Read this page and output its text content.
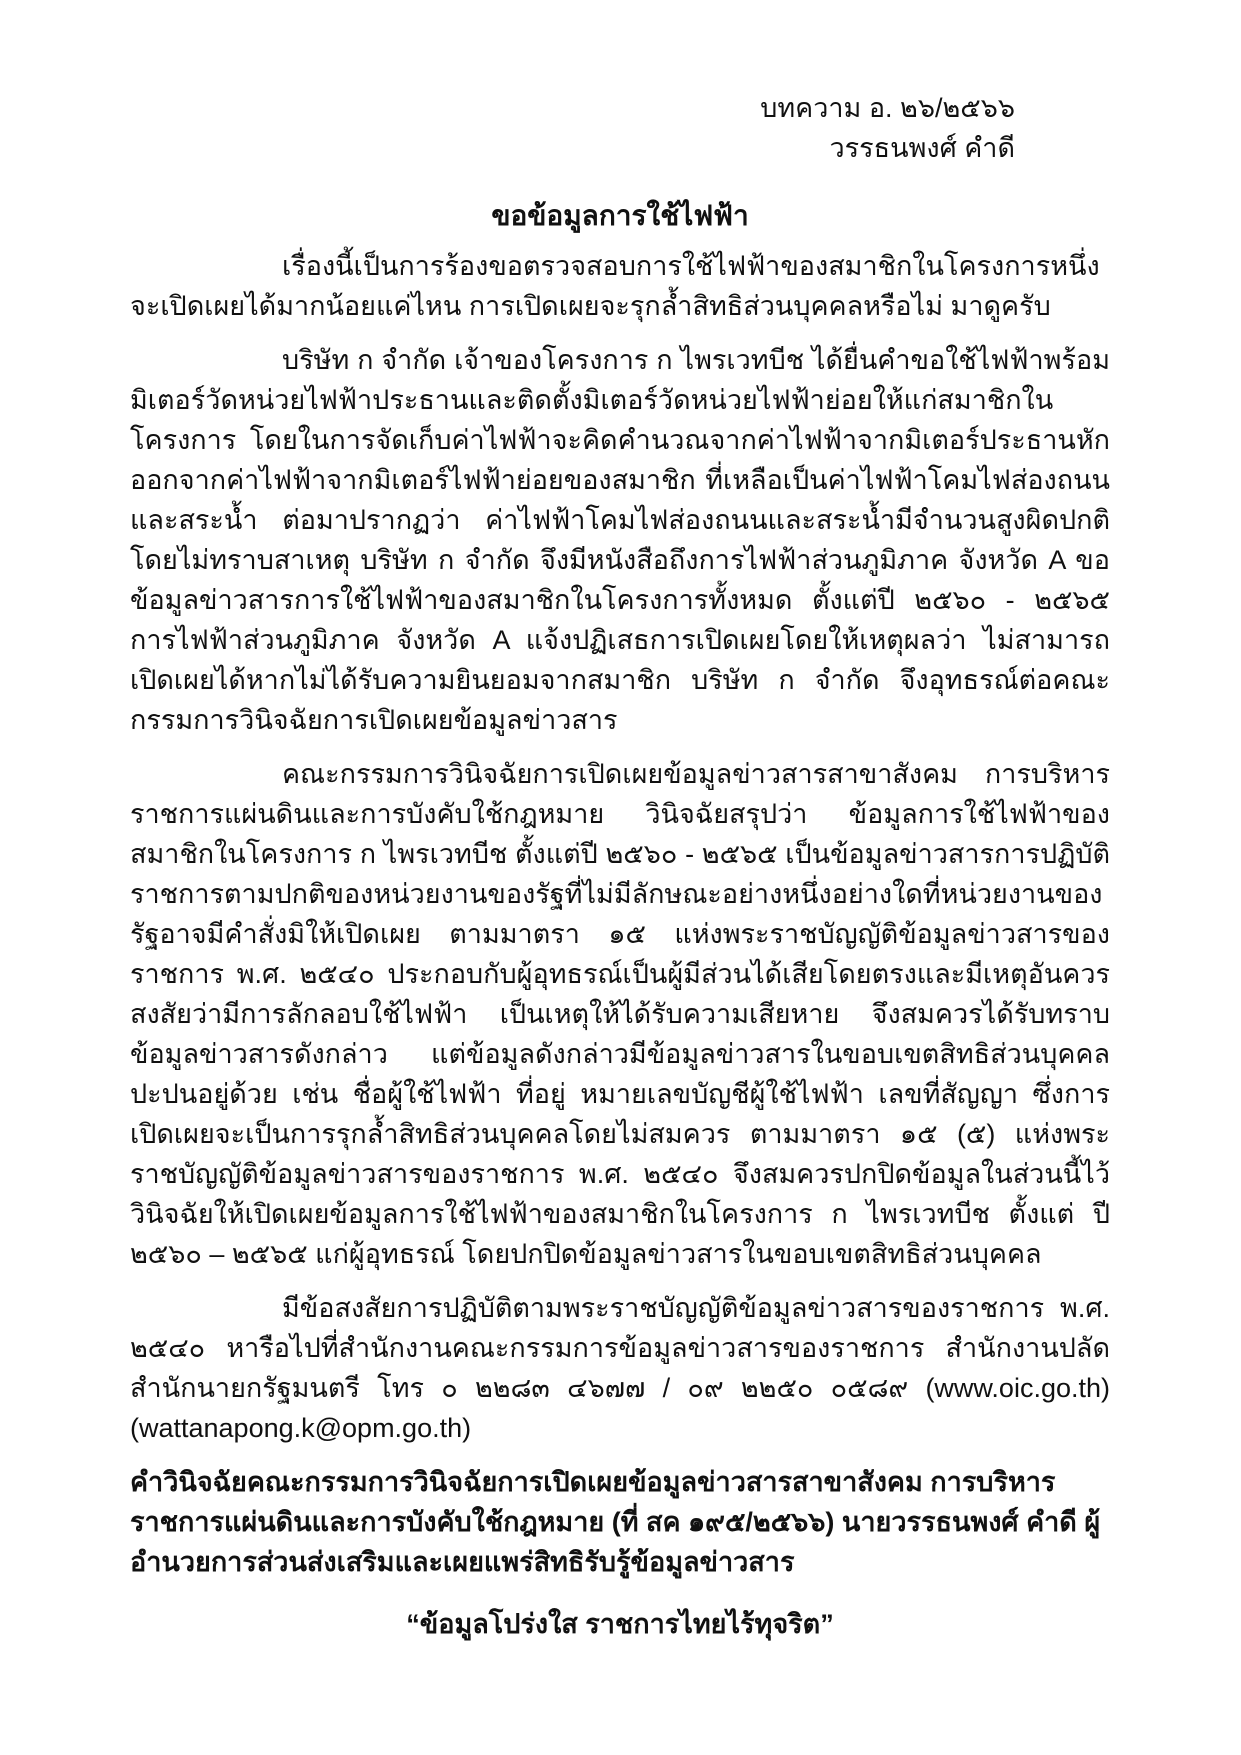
บทความ อ. ๒๖/๒๕๖๖
วรรธนพงศ์ คำดี
ขอข้อมูลการใช้ไฟฟ้า

เรื่องนี้เป็นการร้องขอตรวจสอบการใช้ไฟฟ้าของสมาชิกในโครงการหนึ่ง จะเปิดเผยได้มากน้อยแค่ไหน การเปิดเผยจะรุกล้ำสิทธิส่วนบุคคลหรือไม่ มาดูครับ

บริษัท ก จำกัด เจ้าของโครงการ ก ไพรเวทบีช ได้ยื่นคำขอใช้ไฟฟ้าพร้อมมิเตอร์วัดหน่วยไฟฟ้าประธานและติดตั้งมิเตอร์วัดหน่วยไฟฟ้าย่อยให้แก่สมาชิกในโครงการ โดยในการจัดเก็บค่าไฟฟ้าจะคิดคำนวณจากค่าไฟฟ้าจากมิเตอร์ประธานหักออกจากค่าไฟฟ้าจากมิเตอร์ไฟฟ้าย่อยของสมาชิก ที่เหลือเป็นค่าไฟฟ้าโคมไฟส่องถนนและสระน้ำ ต่อมาปรากฏว่า ค่าไฟฟ้าโคมไฟส่องถนนและสระน้ำมีจำนวนสูงผิดปกติโดยไม่ทราบสาเหตุ บริษัท ก จำกัด จึงมีหนังสือถึงการไฟฟ้าส่วนภูมิภาค จังหวัด A ขอข้อมูลข่าวสารการใช้ไฟฟ้าของสมาชิกในโครงการทั้งหมด ตั้งแต่ปี ๒๕๖๐ - ๒๕๖๕ การไฟฟ้าส่วนภูมิภาค จังหวัด A แจ้งปฏิเสธการเปิดเผยโดยให้เหตุผลว่า ไม่สามารถเปิดเผยได้หากไม่ได้รับความยินยอมจากสมาชิก บริษัท ก จำกัด จึงอุทธรณ์ต่อคณะกรรมการวินิจฉัยการเปิดเผยข้อมูลข่าวสาร

คณะกรรมการวินิจฉัยการเปิดเผยข้อมูลข่าวสารสาขาสังคม การบริหารราชการแผ่นดินและการบังคับใช้กฎหมาย วินิจฉัยสรุปว่า ข้อมูลการใช้ไฟฟ้าของสมาชิกในโครงการ ก ไพรเวทบีช ตั้งแต่ปี ๒๕๖๐ - ๒๕๖๕ เป็นข้อมูลข่าวสารการปฏิบัติราชการตามปกติของหน่วยงานของรัฐที่ไม่มีลักษณะอย่างหนึ่งอย่างใดที่หน่วยงานของรัฐอาจมีคำสั่งมิให้เปิดเผย ตามมาตรา ๑๕ แห่งพระราชบัญญัติข้อมูลข่าวสารของราชการ พ.ศ. ๒๕๔๐ ประกอบกับผู้อุทธรณ์เป็นผู้มีส่วนได้เสียโดยตรงและมีเหตุอันควรสงสัยว่ามีการลักลอบใช้ไฟฟ้า เป็นเหตุให้ได้รับความเสียหาย จึงสมควรได้รับทราบข้อมูลข่าวสารดังกล่าว แต่ข้อมูลดังกล่าวมีข้อมูลข่าวสารในขอบเขตสิทธิส่วนบุคคลปะปนอยู่ด้วย เช่น ชื่อผู้ใช้ไฟฟ้า ที่อยู่ หมายเลขบัญชีผู้ใช้ไฟฟ้า เลขที่สัญญา ซึ่งการเปิดเผยจะเป็นการรุกล้ำสิทธิส่วนบุคคลโดยไม่สมควร ตามมาตรา ๑๕ (๕) แห่งพระราชบัญญัติข้อมูลข่าวสารของราชการ พ.ศ. ๒๕๔๐ จึงสมควรปกปิดข้อมูลในส่วนนี้ไว้ วินิจฉัยให้เปิดเผยข้อมูลการใช้ไฟฟ้าของสมาชิกในโครงการ ก ไพรเวทบีช ตั้งแต่ ปี ๒๕๖๐ – ๒๕๖๕ แก่ผู้อุทธรณ์ โดยปกปิดข้อมูลข่าวสารในขอบเขตสิทธิส่วนบุคคล

มีข้อสงสัยการปฏิบัติตามพระราชบัญญัติข้อมูลข่าวสารของราชการ พ.ศ. ๒๕๔๐ หารือไปที่สำนักงานคณะกรรมการข้อมูลข่าวสารของราชการ สำนักงานปลัดสำนักนายกรัฐมนตรี โทร ๐ ๒๒๘๓ ๔๖๗๗ / ๐๙ ๒๒๕๐ ๐๕๘๙ (www.oic.go.th) (wattanapong.k@opm.go.th)

คำวินิจฉัยคณะกรรมการวินิจฉัยการเปิดเผยข้อมูลข่าวสารสาขาสังคม การบริหารราชการแผ่นดินและการบังคับใช้กฎหมาย (ที่ สค ๑๙๕/๒๕๖๖) นายวรรธนพงศ์ คำดี ผู้อำนวยการส่วนส่งเสริมและเผยแพร่สิทธิรับรู้ข้อมูลข่าวสาร

“ข้อมูลโปร่งใส ราชการไทยไร้ทุจริต”
